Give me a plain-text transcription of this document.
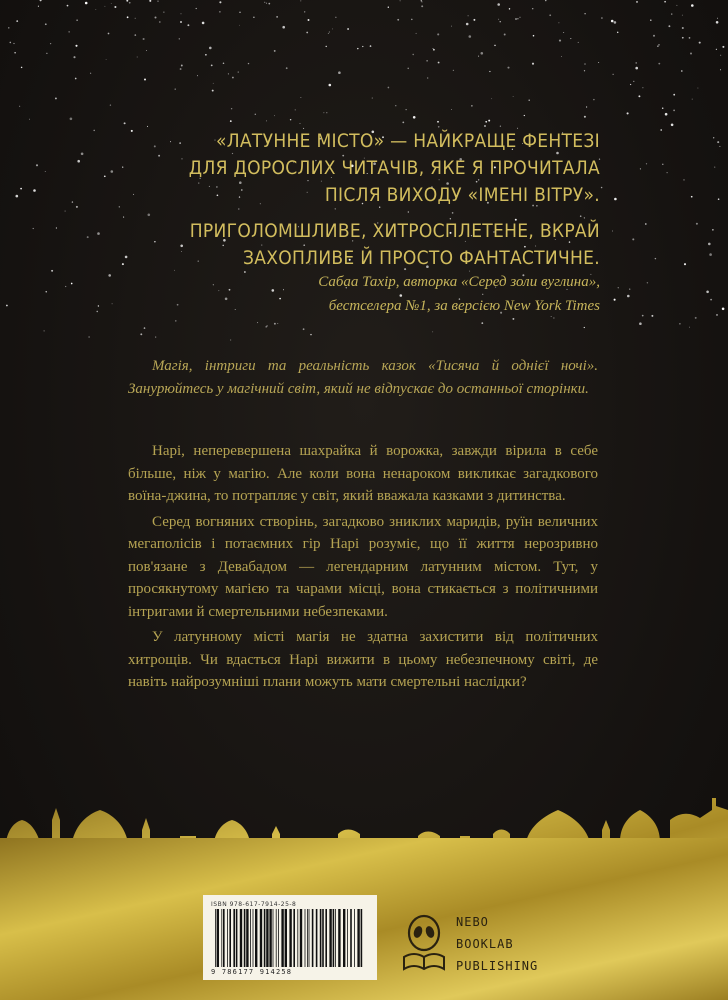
«ЛАТУННЕ МІСТО» — НАЙКРАЩЕ ФЕНТЕЗІ

ДЛЯ ДОРОСЛИХ ЧИТАЧІВ, ЯКЕ Я ПРОЧИТАЛА

ПІСЛЯ ВИХОДУ «ІМЕНІ ВІТРУ».

ПРИГОЛОМШЛИВЕ, ХИТРОСПЛЕТЕНЕ, ВКРАЙ

ЗАХОПЛИВЕ Й ПРОСТО ФАНТАСТИЧНЕ.

Сабаа Тахір, авторка «Серед золи вуглина»,
бестселера №1, за версією New York Times
Магія, інтриги та реальність казок «Тисяча й однієї ночі». Занурюйтесь у магічний світ, який не відпускає до останньої сторінки.

Нарі, неперевершена шахрайка й ворожка, завжди вірила в себе більше, ніж у магію. Але коли вона ненароком викликає загадкового воїна-джина, то потрапляє у світ, який вважала казками з дитинства.

Серед вогняних створінь, загадково зниклих маридів, руїн величних мегаполісів і потаємних гір Нарі розуміє, що її життя нерозривно пов'язане з Девабадом — легендарним латунним містом. Тут, у просякнутому магією та чарами місці, вона стикається з політичними інтригами й смертельними небезпеками.

У латунному місті магія не здатна захистити від політичних хитрощів. Чи вдасться Нарі вижити в цьому небезпечному світі, де навіть найрозумніші плани можуть мати смертельні наслідки?

ISBN 978-617-7914-25-8
9 786177 914258
NEBO
BOOKLAB
PUBLISHING
